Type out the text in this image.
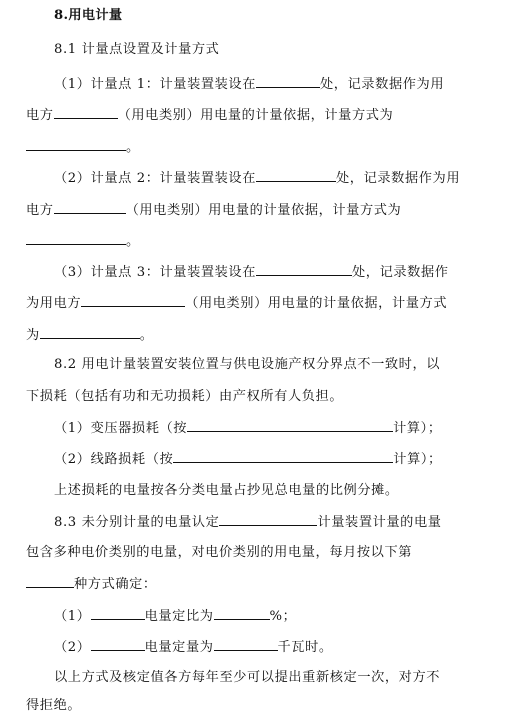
8.用电计量
8.1 计量点设置及计量方式
（1）计量点 1：计量装置装设在	处，记录数据作为用
电方	（用电类别）用电量的计量依据，计量方式为
。
（2）计量点 2：计量装置装设在	处，记录数据作为用
电方	（用电类别）用电量的计量依据，计量方式为
。
（3）计量点 3：计量装置装设在	处，记录数据作
为用电方	（用电类别）用电量的计量依据，计量方式
为	。
8.2 用电计量装置安装位置与供电设施产权分界点不一致时，以
下损耗（包括有功和无功损耗）由产权所有人负担。
（1）变压器损耗（按	计算）；
（2）线路损耗（按	计算）；
上述损耗的电量按各分类电量占抄见总电量的比例分摊。
8.3 未分别计量的电量认定	计量装置计量的电量
包含多种电价类别的电量，对电价类别的用电量，每月按以下第
种方式确定：
（1）	电量定比为	%；
（2）	电量定量为	千瓦时。
以上方式及核定值各方每年至少可以提出重新核定一次，对方不
得拒绝。
